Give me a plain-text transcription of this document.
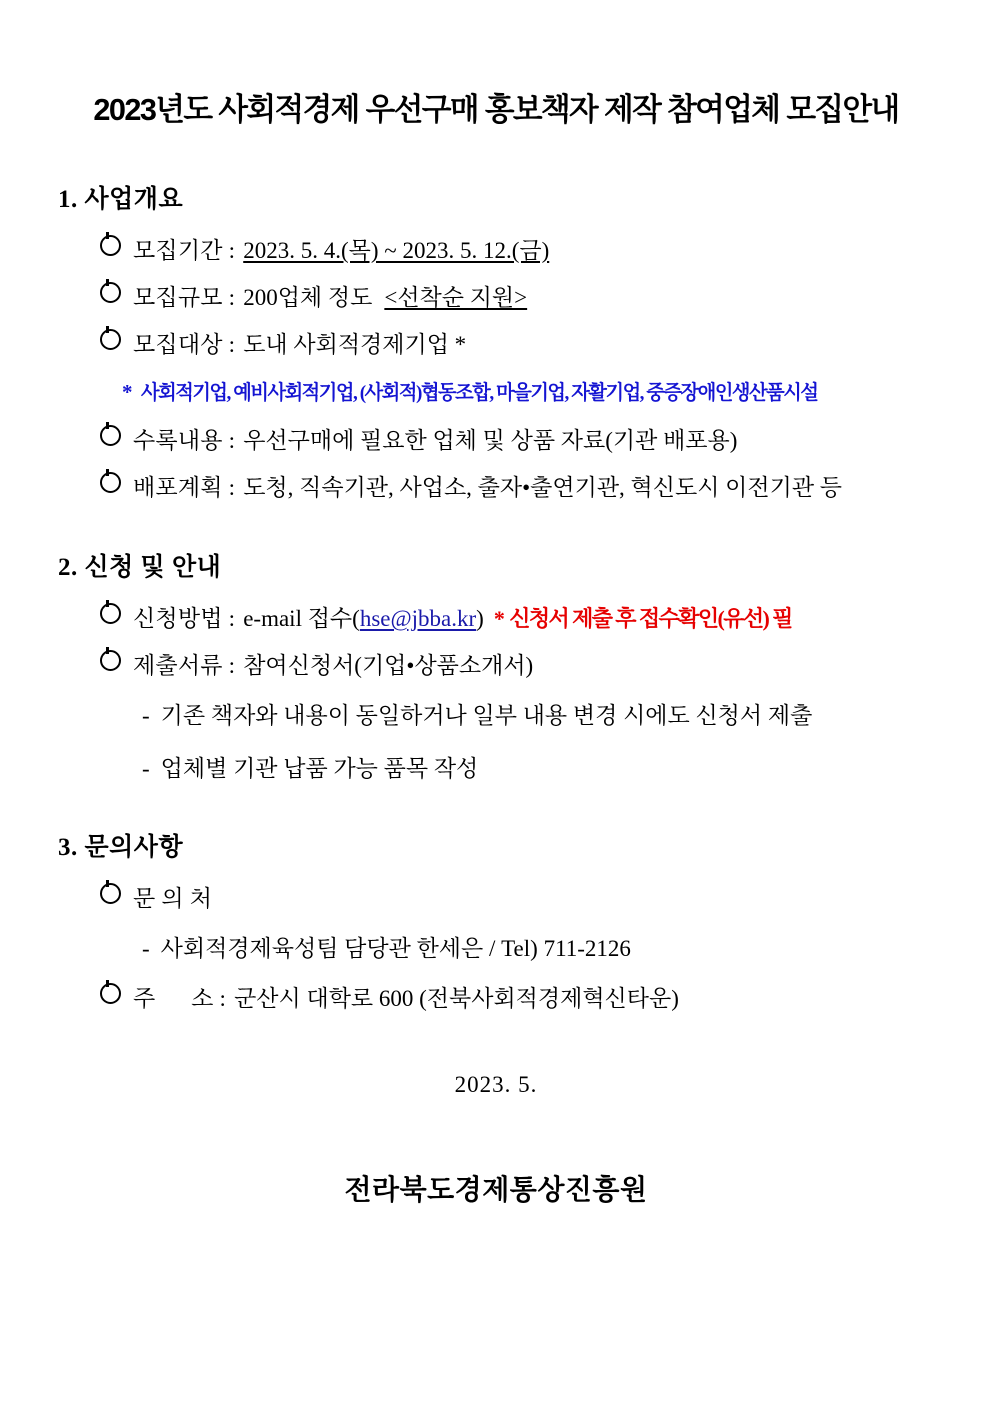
2023년도 사회적경제 우선구매 홍보책자 제작 참여업체 모집안내
1. 사업개요
모집기간 : 2023. 5. 4.(목) ~ 2023. 5. 12.(금)
모집규모 : 200업체 정도 <선착순 지원>
모집대상 : 도내 사회적경제기업 *
* 사회적기업, 예비사회적기업, (사회적)협동조합, 마을기업, 자활기업, 중증장애인생산품시설
수록내용 : 우선구매에 필요한 업체 및 상품 자료(기관 배포용)
배포계획 : 도청, 직속기관, 사업소, 출자•출연기관, 혁신도시 이전기관 등
2. 신청 및 안내
신청방법 : e-mail 접수( hse@jbba.kr ) * 신청서 제출 후 접수확인(유선) 필
제출서류 : 참여신청서(기업•상품소개서)
- 기존 책자와 내용이 동일하거나 일부 내용 변경 시에도 신청서 제출
- 업체별 기관 납품 가능 품목 작성
3. 문의사항
문 의 처
- 사회적경제육성팀 담당관 한세은 / Tel) 711-2126
주      소 : 군산시 대학로 600 (전북사회적경제혁신타운)
2023. 5.
전라북도경제통상진흥원
